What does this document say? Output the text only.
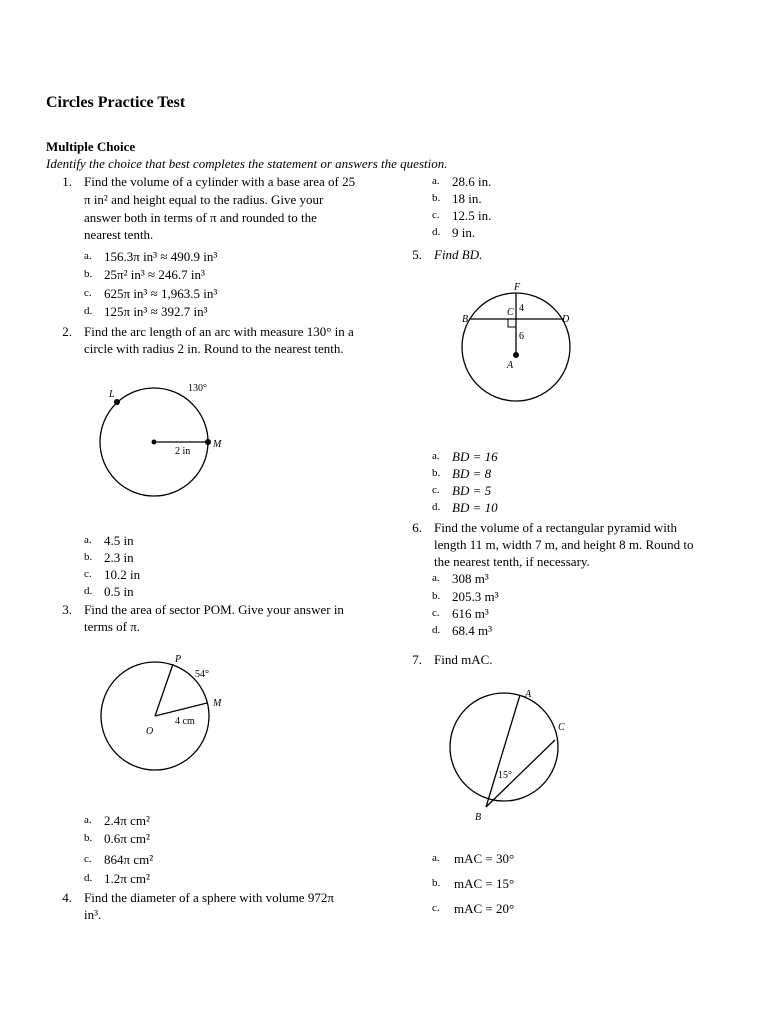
Circles Practice Test
Multiple Choice
Identify the choice that best completes the statement or answers the question.
1. Find the volume of a cylinder with a base area of 25
π in² and height equal to the radius. Give your
answer both in terms of π and rounded to the
nearest tenth.
a. 156.3π in³ ≈ 490.9 in³
b. 25π² in³ ≈ 246.7 in³
c. 625π in³ ≈ 1,963.5 in³
d. 125π in³ ≈ 392.7 in³
2. Find the arc length of an arc with measure 130° in a
circle with radius 2 in. Round to the nearest tenth.
L
M
130°
2 in
a. 4.5 in
b. 2.3 in
c. 10.2 in
d. 0.5 in
3. Find the area of sector POM. Give your answer in
terms of π.
P
M
O
54°
4 cm
a. 2.4π cm²
b. 0.6π cm²
c. 864π cm²
d. 1.2π cm²
4. Find the diameter of a sphere with volume 972π
in³.
a. 28.6 in.
b. 18 in.
c. 12.5 in.
d. 9 in.
5. Find BD.
F
B
C
D
A
4
6
a. BD = 16
b. BD = 8
c. BD = 5
d. BD = 10
6. Find the volume of a rectangular pyramid with
length 11 m, width 7 m, and height 8 m. Round to
the nearest tenth, if necessary.
a. 308 m³
b. 205.3 m³
c. 616 m³
d. 68.4 m³
7. Find mAC.
A
B
C
15°
a. mAC = 30°
b. mAC = 15°
c. mAC = 20°
